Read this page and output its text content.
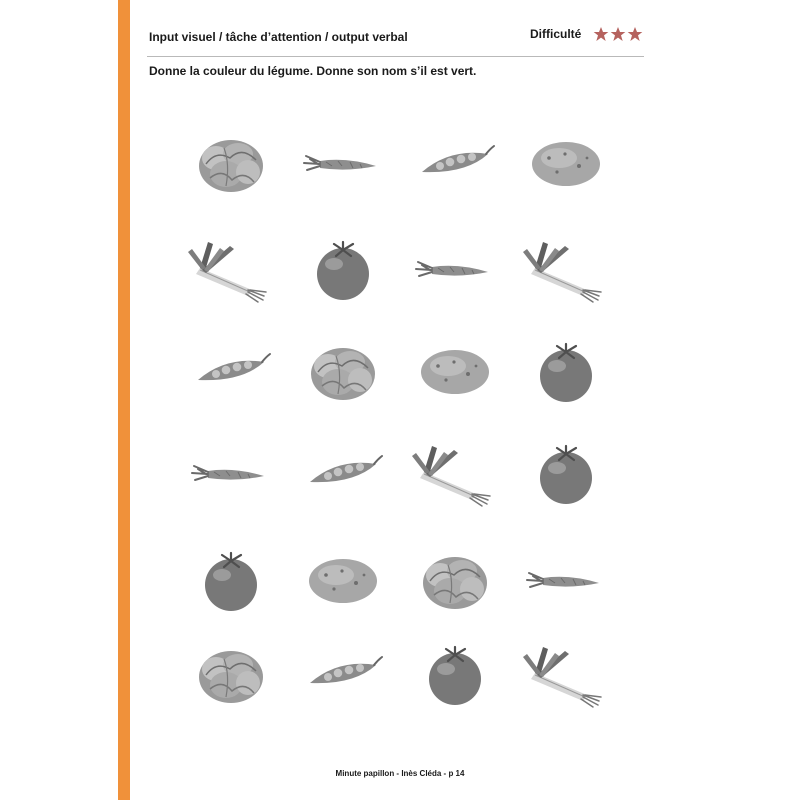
Input visuel / tâche d’attention / output verbal	Difficulté
Donne la couleur du légume. Donne son nom s’il est vert.
Minute papillon - Inès Cléda - p 14
